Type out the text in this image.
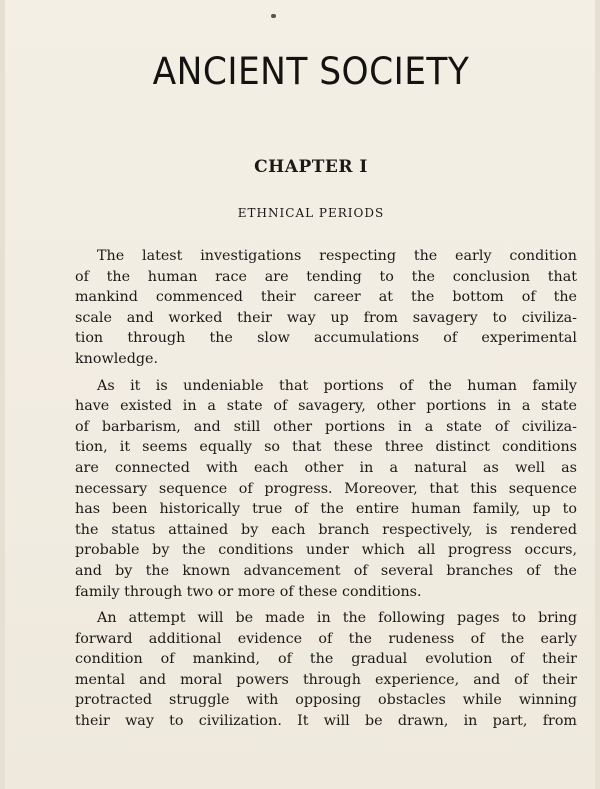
ANCIENT SOCIETY
CHAPTER I
ETHNICAL PERIODS
The latest investigations respecting the early condition
of the human race are tending to the conclusion that
mankind commenced their career at the bottom of the
scale and worked their way up from savagery to civiliza-
tion through the slow accumulations of experimental
knowledge.
As it is undeniable that portions of the human family
have existed in a state of savagery, other portions in a state
of barbarism, and still other portions in a state of civiliza-
tion, it seems equally so that these three distinct conditions
are connected with each other in a natural as well as
necessary sequence of progress. Moreover, that this sequence
has been historically true of the entire human family, up to
the status attained by each branch respectively, is rendered
probable by the conditions under which all progress occurs,
and by the known advancement of several branches of the
family through two or more of these conditions.
An attempt will be made in the following pages to bring
forward additional evidence of the rudeness of the early
condition of mankind, of the gradual evolution of their
mental and moral powers through experience, and of their
protracted struggle with opposing obstacles while winning
their way to civilization. It will be drawn, in part, from
